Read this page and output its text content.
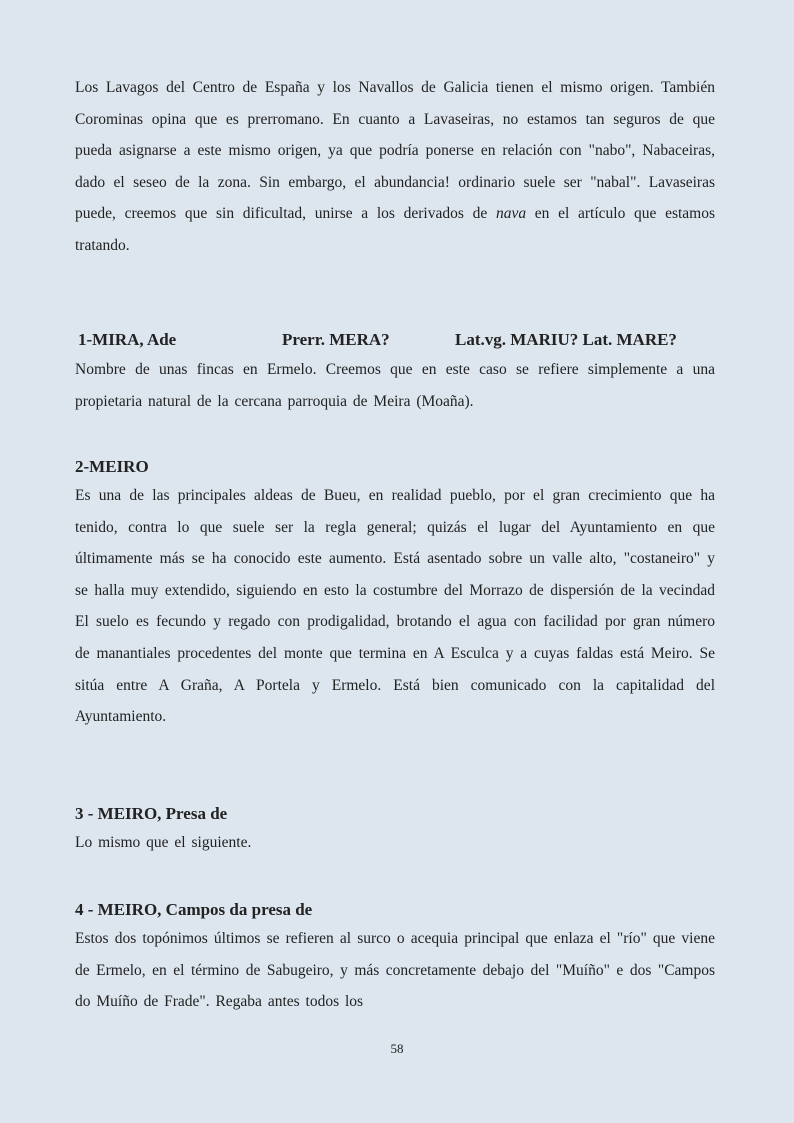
Los Lavagos del Centro de España y los Navallos de Galicia tienen el mismo origen. También Corominas opina que es prerromano. En cuanto a Lavaseiras, no estamos tan seguros de que pueda asignarse a este mismo origen, ya que podría ponerse en relación con "nabo", Nabaceiras, dado el seseo de la zona. Sin embargo, el abundancia! ordinario suele ser "nabal". Lavaseiras puede, creemos que sin dificultad, unirse a los derivados de nava en el artículo que estamos tratando.

1-MIRA, Ade	Prerr. MERA?	Lat.vg. MARIU? Lat. MARE?

Nombre de unas fincas en Ermelo. Creemos que en este caso se refiere simplemente a una propietaria natural de la cercana parroquia de Meira (Moaña).

2-MEIRO

Es una de las principales aldeas de Bueu, en realidad pueblo, por el gran crecimiento que ha tenido, contra lo que suele ser la regla general; quizás el lugar del Ayuntamiento en que últimamente más se ha conocido este aumento. Está asentado sobre un valle alto, "costaneiro" y se halla muy extendido, siguiendo en esto la costumbre del Morrazo de dispersión de la vecindad El suelo es fecundo y regado con prodigalidad, brotando el agua con facilidad por gran número de manantiales procedentes del monte que termina en A Esculca y a cuyas faldas está Meiro. Se sitúa entre A Graña, A Portela y Ermelo. Está bien comunicado con la capitalidad del Ayuntamiento.

3 - MEIRO, Presa de

Lo mismo que el siguiente.

4 - MEIRO, Campos da presa de

Estos dos topónimos últimos se refieren al surco o acequia principal que enlaza el "río" que viene de Ermelo, en el término de Sabugeiro, y más concretamente debajo del "Muíño" e dos "Campos do Muíño de Frade". Regaba antes todos los

58
